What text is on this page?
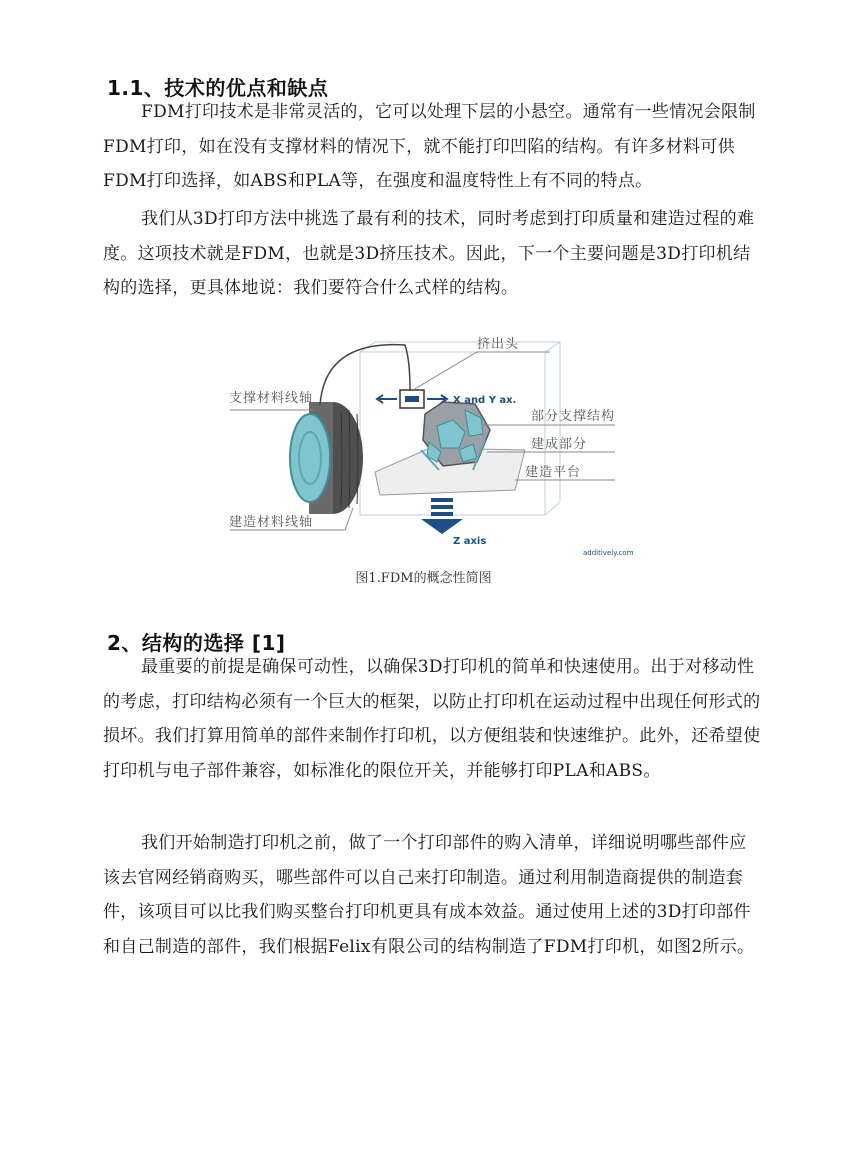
1.1、技术的优点和缺点

FDM打印技术是非常灵活的，它可以处理下层的小悬空。通常有一些情况会限制FDM打印，如在没有支撑材料的情况下，就不能打印凹陷的结构。有许多材料可供FDM打印选择，如ABS和PLA等，在强度和温度特性上有不同的特点。

我们从3D打印方法中挑选了最有利的技术，同时考虑到打印质量和建造过程的难度。这项技术就是FDM，也就是3D挤压技术。因此，下一个主要问题是3D打印机结构的选择，更具体地说：我们要符合什么式样的结构。

挤出头
支撑材料线轴
建造材料线轴
部分支撑结构
建成部分
建造平台
X and Y ax.
Z axis
additively.com
图1.FDM的概念性简图
2、结构的选择 [1]

最重要的前提是确保可动性，以确保3D打印机的简单和快速使用。出于对移动性的考虑，打印结构必须有一个巨大的框架，以防止打印机在运动过程中出现任何形式的损坏。我们打算用简单的部件来制作打印机，以方便组装和快速维护。此外，还希望使打印机与电子部件兼容，如标准化的限位开关，并能够打印PLA和ABS。

我们开始制造打印机之前，做了一个打印部件的购入清单，详细说明哪些部件应该去官网经销商购买，哪些部件可以自己来打印制造。通过利用制造商提供的制造套件，该项目可以比我们购买整台打印机更具有成本效益。通过使用上述的3D打印部件和自己制造的部件，我们根据Felix有限公司的结构制造了FDM打印机，如图2所示。
